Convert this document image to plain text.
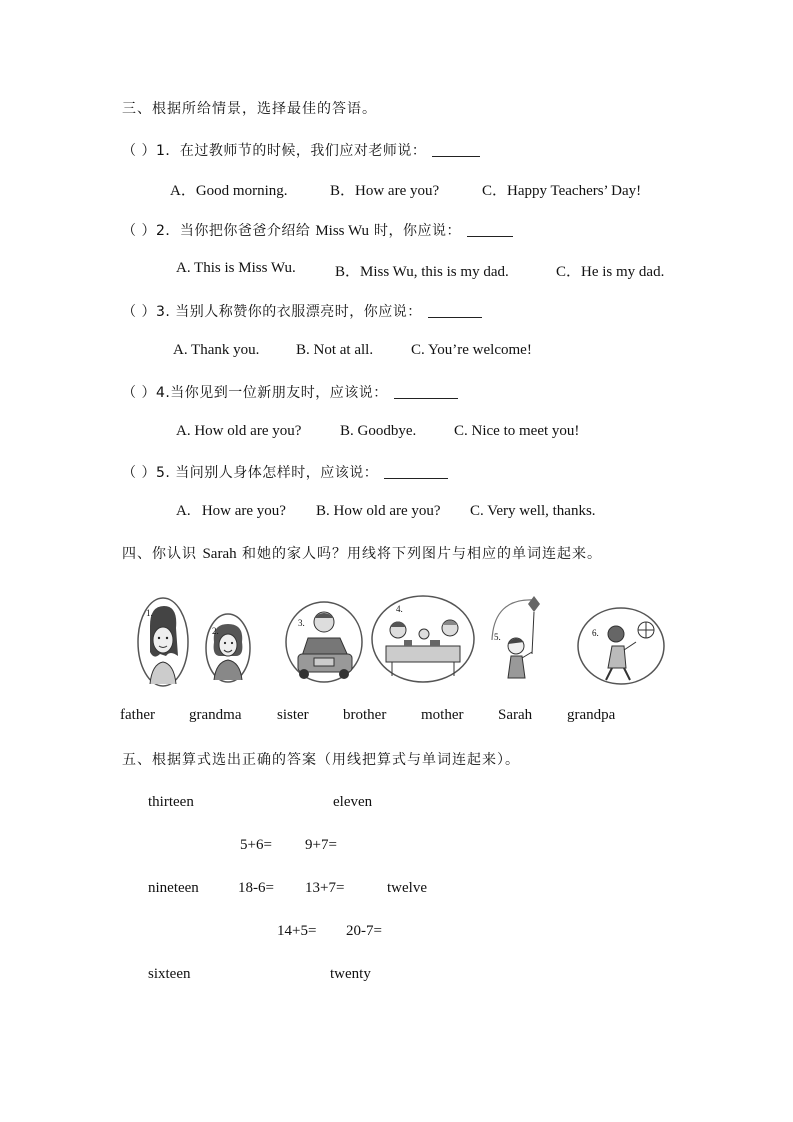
三、根据所给情景，选择最佳的答语。
（ ）1．在过教师节的时候，我们应对老师说：
A．Good morning.	B．How are you?	C．Happy Teachers’ Day!
（ ）2．当你把你爸爸介绍给 Miss Wu 时，你应说：
A. This is Miss Wu.	B．Miss Wu, this is my dad.	C．He is my dad.
（ ）3. 当别人称赞你的衣服漂亮时，你应说：
A. Thank you. B. Not at all.	C. You’re welcome!
（ ）4.当你见到一位新朋友时，应该说：
A. How old are you?	B. Goodbye.	C. Nice to meet you!
（ ）5. 当问别人身体怎样时，应该说：
A.   How are you? B. How old are you? C. Very well, thanks.
四、你认识 Sarah 和她的家人吗？用线将下列图片与相应的单词连起来。
1.
2.
3.
4.
5.	6.
father grandma sister brother mother Sarah grandpa
五、根据算式选出正确的答案（用线把算式与单词连起来）。
thirteen	eleven
5+6= 9+7=
nineteen	18-6= 13+7=	twelve
14+5= 20-7=
sixteen	twenty
